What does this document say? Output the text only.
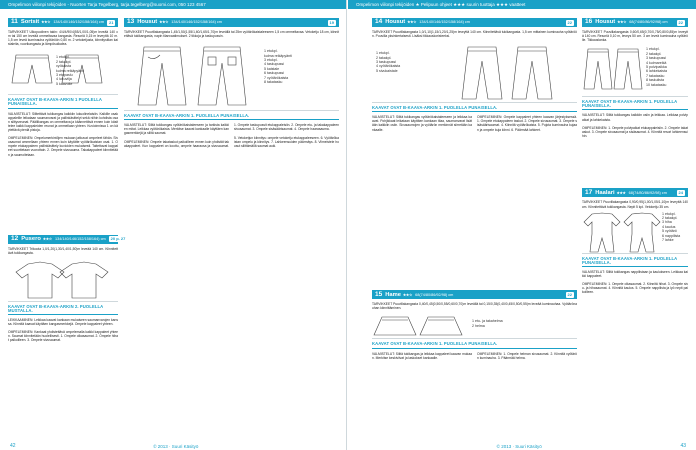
Ompelimon viilonpi tekijöiden - Nuorten Tarja Tegelberg, tarja.tegelberg@suomi.com, 050 123 4567
11 Sortsit ★★☆ 134/140/146/152/158/164) cm	21
TARVIKKEET Ulkopuolinen takin: 4/4/4/90/4(55/1,00/1,05)m leveää 140 cm tai 150 cm leveää ommeltavaa kangasta. Resoriä 0,15 m leveyttä 10 m. 1,5 cm leveä kuminauha vyötäröön 0,80 m. 2 vetoketjusta, kiinnitystilan kaistaleita, vuorikangasta ja lämpösuikalea.
1 etukpl.
2 takakpl.
vyökaista
kulma reikäpyänti
3 etupaslu
4 lukuvilja
5 kaavoite
KAAVAT OVAT B-KAAVA-ARKIN 1 PUOLELLA PUNAISELLA.
VALMISTELUT: Silitettävä tukikangas kaikkiin lukuolinelaisiin. Kaikille osakappaleille leikataan saumanvarat ja pallinkäsittelyt sekä niihin kohdista osan silitysreunat. Päällikangas on ommeltava ja käännettävä ennen kuin käsittelee kaikki kappaleiden reunat ja ommellaan yhteen. Kuvioinnissa 1 on käytettävä pieniä pistoja.

OMPELEMINEN: Ompelumerkintöjen mukaan jatkuvat ompeleet tähän. Sivusaumat ommellaan yhteen ennen kuin käytätte vyötärökaistan osat. 1. Ompele etukappaleen pallinkäsittely kuvioiden mukaisesti. Taitettavat kappaleet suoritetaan vuorottain. 2. Ompele sivusauma. Takakappaleet kiinnitetään ja saumoitetaan.
12 Pusero ★★☆ 134/140/146/152/158/164) cm	20 p. 27
TARVIKKEET Trikoota 1,0/1,20(1,30/1,40/1,50)m leveää 140 cm. Kiinnitettävä tukikangasta.
KAAVAT OVAT B-KAAVA-ARKIN 2. PUOLELLA MUSTALLA.
LEIKKAAMINEN: Leikkaa kaavat kankaan mukaiseen saumanvarojen kanssa. Kiinnitä kaavat käyttäen kangasmerkkejä. Ompele kappaleet yhteen.

OMPELEMINEN: Kankaat yhdistettävä ompelemalla kaikki kappaleet yhteen. Saumat kiinnitetään huolellisesti. 1. Ompele olkasaumat. 2. Ompele hihat paikoilleen. 3. Ompele sivusaumat.
13 Housut ★★☆ 134/140/146/152/158/164) cm	19
TARVIKKEET Puuvillakangasta 1,45/1,50(1,55/1,60/1,65/1,70)m leveällä tai 25m vyötärökaistaleeseen 1,5 cm ommeltavaa. Vetoketju 18 cm, kiinnitettävä tukikangasta, napin tilanvaatimukset. 2 tikkoja ja taskupussin.
1 etukpl.
kulma reikäpyänti
3 etukpl.
4 taskupussi
5 kaistale
6 taskupussi
7 vyötärökaista
8 takatasku
KAAVAT OVAT B-KAAVA-ARKIN 1. PUOLELLA PUNAISELLA.
VALMISTELUT: Silitä tukikangas vyötärökaistaleeseen ja tarkista kaikkien mitat. Leikkaa vyötärökaista. Merkitse kaavat kankaalle käyttäen kangasmerkkejä ja silitä saumat.

OMPELEMINEN: Ompele takataskut paikoilleen ennen kuin yhdistät takakappaleet. Kun kappaleet on koottu, ompele haaraosa ja sivusaumat. 1. Ompele taskupussit etukappaleisiin. 2. Ompele etu- ja takakappaleen sivusaumat. 3. Ompele sisäsäärisaumat. 4. Ompele haarasauma.

5. Vetoketjun kiinnitys: ompele vetoketju etukappaleeseen. 6. Vyötärökaistan ompelu ja kiinnitys. 7. Lahkeensuiden päärmäys. 8. Viimeistele housut silittämällä saumat auki.
42	© 2013 · Suuri Käsityö
Ompelimon viilonpi tekijöiden ★ Pelipuun ohjeet ★★★ suurin tuottaja ★★★ vaatteet
14 Housut ★★☆ 134/140/146/152/158/164) cm	22
TARVIKKEET Puuvillakangasta 1,0/1,10(1,15/1,20/1,25)m leveyttä 140 cm. Kiinnitettävä tukikangasta. 1,5 cm mittainen kuminauha vyötäröön. Puuvilla yksinkertaisesti. Lisäksi tikkauskoristeeksi.
1 etukpl.
2 takakpl.
3 taskupussi
4 vyötärökaista
5 sivukaistale
KAAVAT OVAT B-KAAVA-ARKIN 1. PUOLELLA PUNAISELLA.
VALMISTELUT: Silitä tukikangas vyötärökaistaleeseen ja leikkaa kaavat. Pohjikkaat leikataan käyttäen kankaan tilaa, saumanvarat lisätään kaikkiin osiin. Sivusaumojen ja vyötärön merkinnät siirretään kankaalle.

OMPELEMINEN: Ompele kappaleet yhteen kaavan järjestyksessä. 1. Ompele etukappaleen taskut. 2. Ompele sivusaumat. 3. Ompele sisäsäärisaumat. 4. Kiinnitä vyötärökaista. 5. Pujota kuminauha kujaan ja ompele kuja kiinni. 6. Päärmää lahkeet.
15 Hame ★★☆ 68(74/80/86/92/98) cm	22
TARVIKKEET Puuvillakangasta 0,40/0,45(0,50/0,55/0,60/0,70)m leveällä tai 0,15/0,35(0,40/0,45/0,50/0,55)m leveää kuminauhaa. Vyötärönauhan kiinnittäminen.
1 etu- ja takahelma
2 helma
KAAVAT OVAT B-KAAVA-ARKIN 1. PUOLELLA PUNAISELLA.
VALMISTELUT: Silitä tukikangas ja leikkaa kappaleet kaavan mukaan. Merkitse keskiviivat ja laskokset kankaalle.

OMPELEMINEN: 1. Ompele helman sivusaumat. 2. Kiinnitä vyötärön kuminauha. 3. Päärmää helma.
16 Housut ★★☆ 68(74/80/86/92/98) cm	22
TARVIKKEET Puuvillakangasta 0,60/0,65(0,70/0,75/0,80/0,85)m leveyttä 140 cm. Resoriä 0,10 m, leveys 50 cm. 3 cm leveä kuminauha vyötärölle. Tikkauslanka.
1 etukpl.
2 takakpl.
3 taskupussi
4 kulmareikä
5 polvipaikka
6 lahkekaista
7 takatasku
8 taskulista
10 takatasku
KAAVAT OVAT B-KAAVA-ARKIN 1. PUOLELLA PUNAISELLA.
VALMISTELUT: Silitä tukikangas kaikkiin osiin ja leikkaa. Leikkaa polvipaikat ja lahkekaista.

OMPELEMINEN: 1. Ompele polvipaikat etukappaleisiin. 2. Ompele takataskut. 3. Ompele sivusaumat ja sisäsaumat. 4. Kiinnitä resori lahkeensuihin.
17 Haalari ★★★ 68(74/80/86/92/98) cm	24
TARVIKKEET Puuvillakangasta 0,90/0,95(1,00/1,05/1,10)m leveyttä 140 cm. Kiinnitettävä tukikangasta. Nepit 5 kpl. Vetoketju 35 cm.
1 etukpl.
2 takakpl.
3 hiha
4 kaulus
5 vyötärö
6 nappilista
7 lahke
KAAVAT OVAT B-KAAVA-ARKIN 1. PUOLELLA PUNAISELLA.
VALMISTELUT: Silitä tukikangas nappilistaan ja kaulukseen. Leikkaa kaikki kappaleet.

OMPELEMINEN: 1. Ompele olkasaumat. 2. Kiinnitä hihat. 3. Ompele sivu- ja hihasaumat. 4. Kiinnitä kaulus. 5. Ompele nappilista ja lyö nepit paikoilleen.
© 2013 · Suuri Käsityö	43
